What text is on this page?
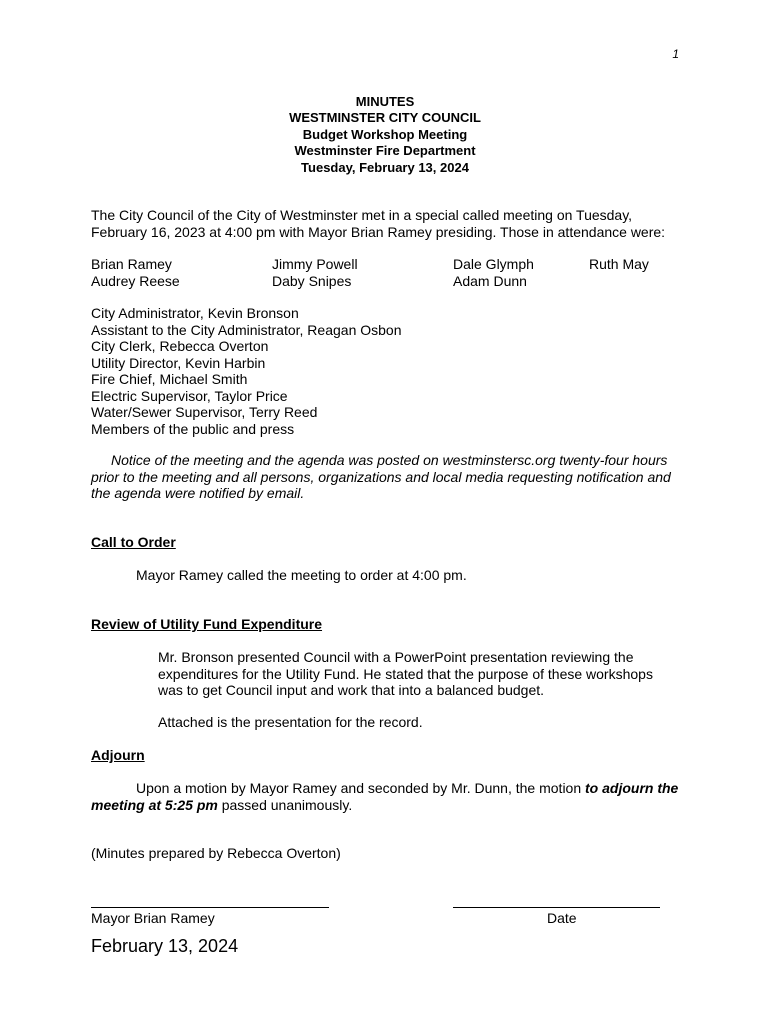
1
MINUTES
WESTMINSTER CITY COUNCIL
Budget Workshop Meeting
Westminster Fire Department
Tuesday, February 13, 2024
The City Council of the City of Westminster met in a special called meeting on Tuesday, February 16, 2023 at 4:00 pm with Mayor Brian Ramey presiding. Those in attendance were:
Brian Ramey	Jimmy Powell	Dale Glymph	Ruth May
Audrey Reese	Daby Snipes	Adam Dunn
City Administrator, Kevin Bronson
Assistant to the City Administrator, Reagan Osbon
City Clerk, Rebecca Overton
Utility Director, Kevin Harbin
Fire Chief, Michael Smith
Electric Supervisor, Taylor Price
Water/Sewer Supervisor, Terry Reed
Members of the public and press
Notice of the meeting and the agenda was posted on westminstersc.org twenty-four hours prior to the meeting and all persons, organizations and local media requesting notification and the agenda were notified by email.
Call to Order
Mayor Ramey called the meeting to order at 4:00 pm.
Review of Utility Fund Expenditure
Mr. Bronson presented Council with a PowerPoint presentation reviewing the expenditures for the Utility Fund. He stated that the purpose of these workshops was to get Council input and work that into a balanced budget.
Attached is the presentation for the record.
Adjourn
Upon a motion by Mayor Ramey and seconded by Mr. Dunn, the motion to adjourn the meeting at 5:25 pm passed unanimously.
(Minutes prepared by Rebecca Overton)
Mayor Brian Ramey	Date
February 13, 2024
